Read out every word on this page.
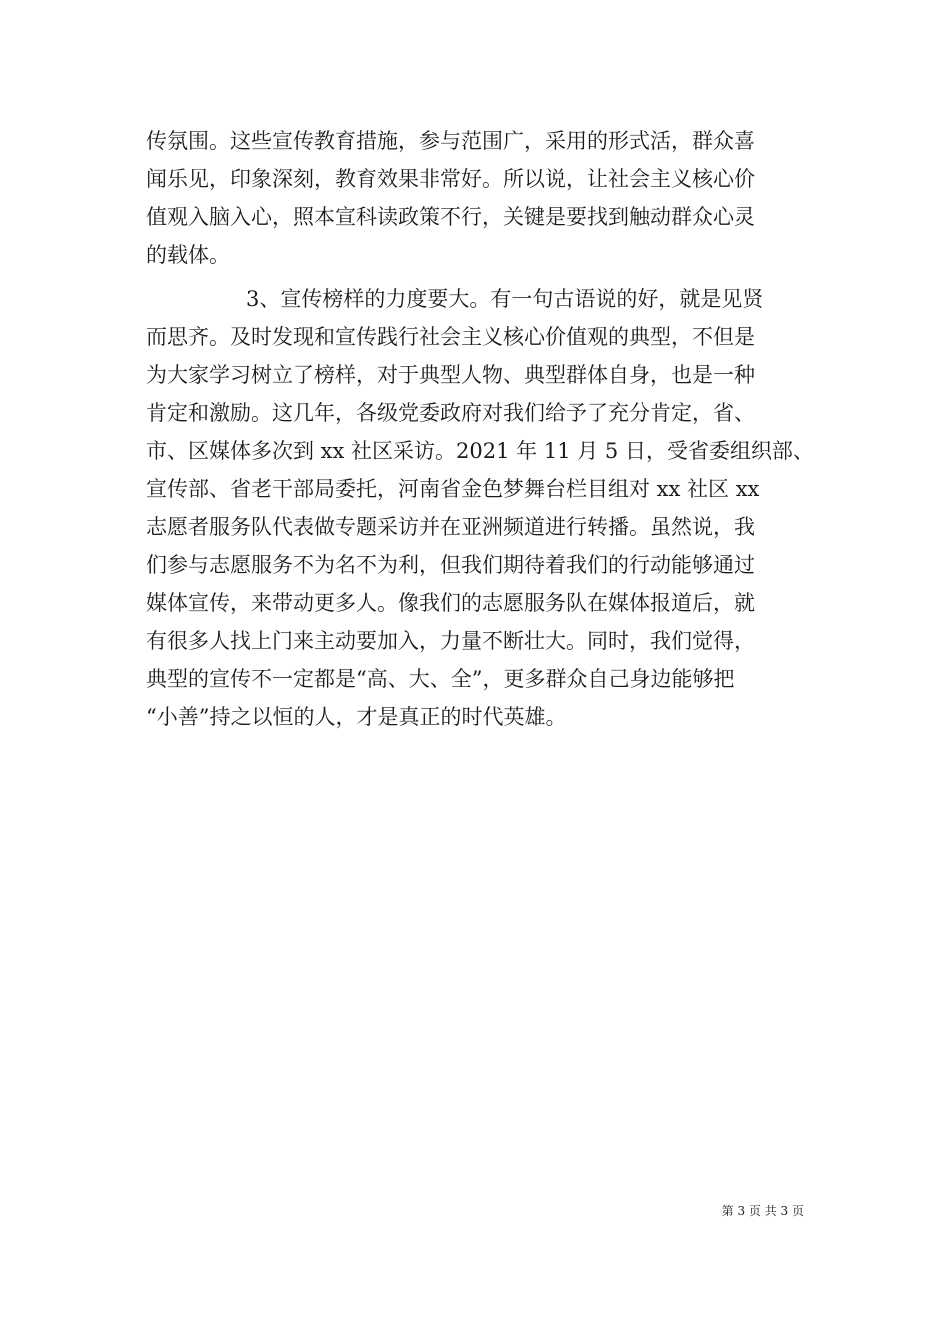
传氛围。这些宣传教育措施，参与范围广，采用的形式活，群众喜
闻乐见，印象深刻，教育效果非常好。所以说，让社会主义核心价
值观入脑入心，照本宣科读政策不行，关键是要找到触动群众心灵
的载体。
3、宣传榜样的力度要大。有一句古语说的好，就是见贤
而思齐。及时发现和宣传践行社会主义核心价值观的典型，不但是
为大家学习树立了榜样，对于典型人物、典型群体自身，也是一种
肯定和激励。这几年，各级党委政府对我们给予了充分肯定，省、
市、区媒体多次到 xx 社区采访。2021 年 11 月 5 日，受省委组织部、
宣传部、省老干部局委托，河南省金色梦舞台栏目组对 xx 社区 xx
志愿者服务队代表做专题采访并在亚洲频道进行转播。虽然说，我
们参与志愿服务不为名不为利，但我们期待着我们的行动能够通过
媒体宣传，来带动更多人。像我们的志愿服务队在媒体报道后，就
有很多人找上门来主动要加入，力量不断壮大。同时，我们觉得，
典型的宣传不一定都是“高、大、全”，更多群众自己身边能够把
“小善”持之以恒的人，才是真正的时代英雄。
第 3 页 共 3 页
